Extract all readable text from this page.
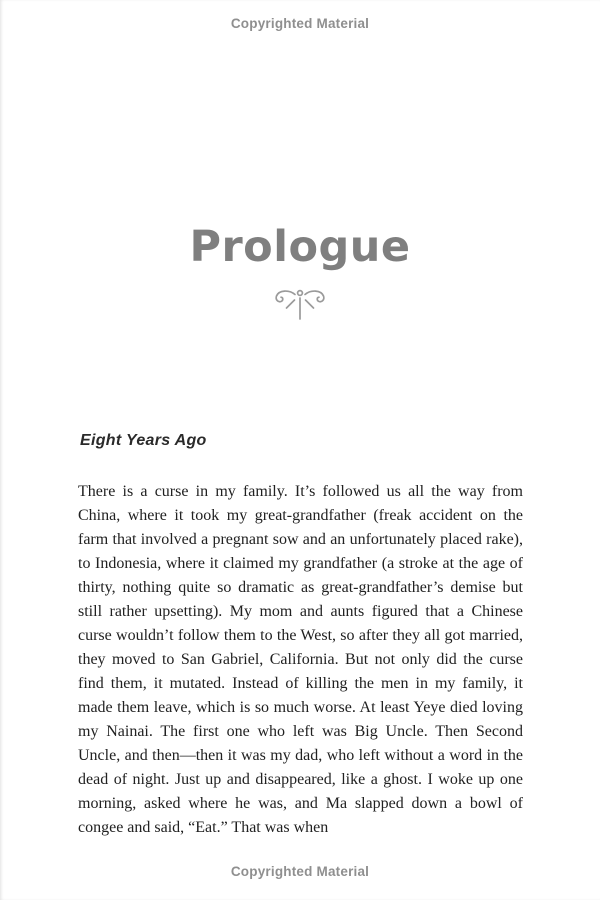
Copyrighted Material
Prologue
Eight Years Ago
There is a curse in my family. It’s followed us all the way from China, where it took my great-grandfather (freak accident on the farm that involved a pregnant sow and an unfortunately placed rake), to Indonesia, where it claimed my grandfather (a stroke at the age of thirty, nothing quite so dramatic as great-grandfather’s demise but still rather upsetting). My mom and aunts figured that a Chinese curse wouldn’t follow them to the West, so after they all got married, they moved to San Gabriel, California. But not only did the curse find them, it mutated. Instead of killing the men in my family, it made them leave, which is so much worse. At least Yeye died loving my Nainai. The first one who left was Big Uncle. Then Second Uncle, and then—then it was my dad, who left without a word in the dead of night. Just up and disappeared, like a ghost. I woke up one morning, asked where he was, and Ma slapped down a bowl of congee and said, “Eat.” That was when
Copyrighted Material
